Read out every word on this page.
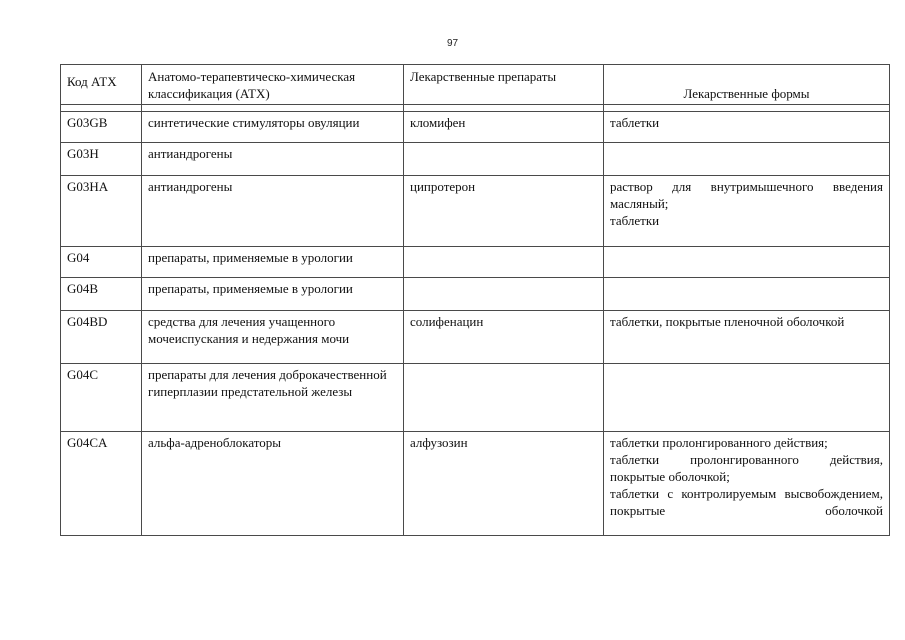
97
Код АТХ	Анатомо-терапевтическо-химическая классификация (АТХ)	Лекарственные препараты	Лекарственные формы

G03GB	синтетические стимуляторы овуляции	кломифен	таблетки

G03H	антиандрогены		
G03HA	антиандрогены	ципротерон	раствор для внутримышечного введения масляный;
таблетки

G04	препараты, применяемые в урологии		
G04B	препараты, применяемые в урологии		
G04BD	средства для лечения учащенного мочеиспускания и недержания мочи	солифенацин	таблетки, покрытые пленочной оболочкой

G04C	препараты для лечения доброкачественной гиперплазии предстательной железы		
G04CA	альфа-адреноблокаторы	алфузозин	таблетки пролонгированного действия;
таблетки пролонгированного действия, покрытые оболочкой;
таблетки с контролируемым высвобождением, покрытые оболочкой
